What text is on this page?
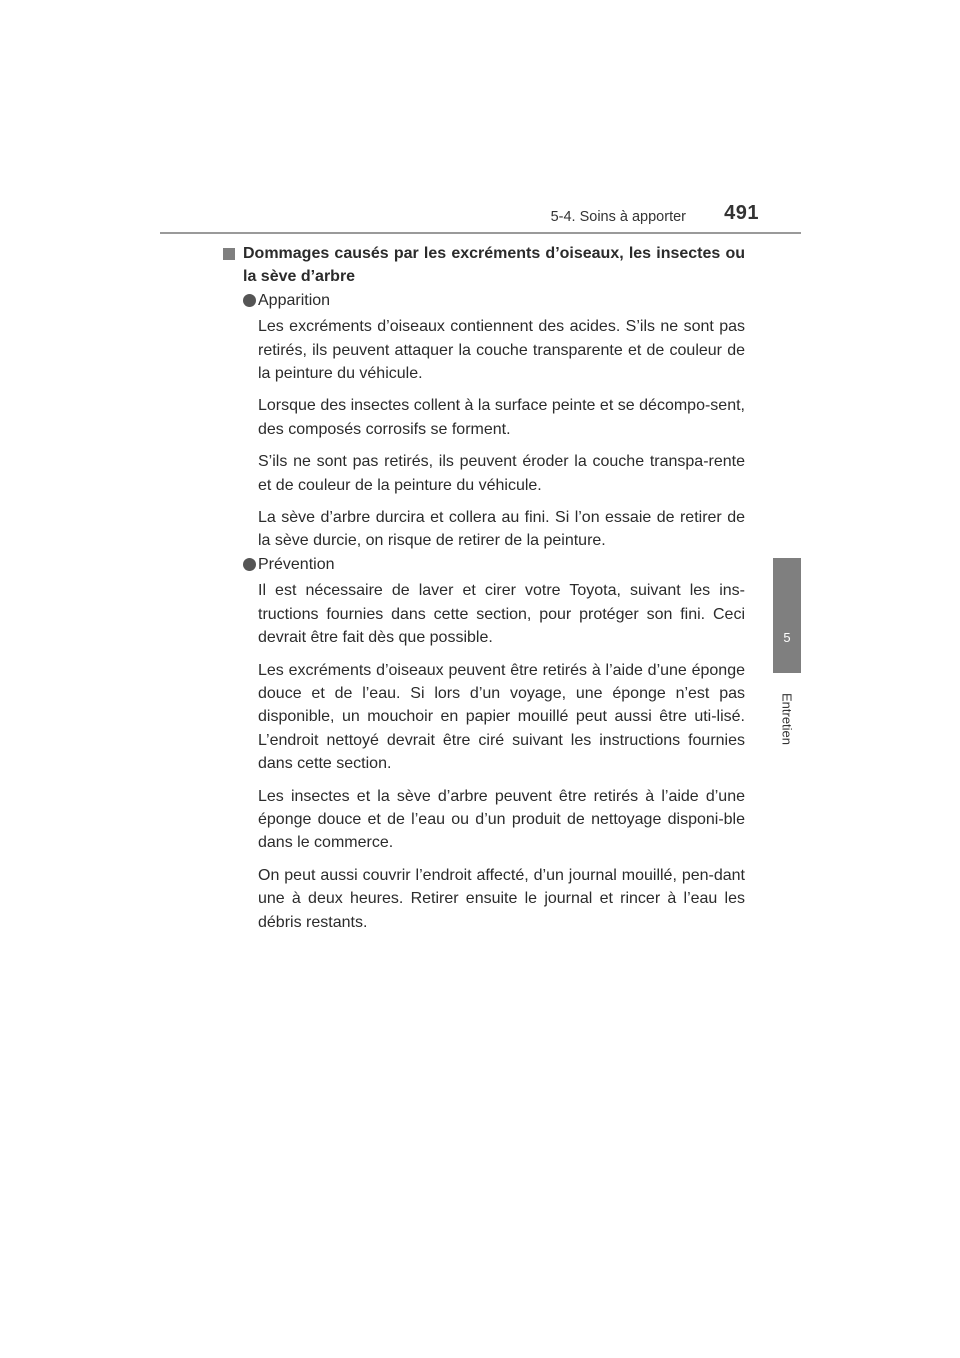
5-4. Soins à apporter 491
5
Entretien

Dommages causés par les excréments d’oiseaux, les insectes ou la sève d’arbre

Apparition

Les excréments d’oiseaux contiennent des acides. S’ils ne sont pas retirés, ils peuvent attaquer la couche transparente et de couleur de la peinture du véhicule.

Lorsque des insectes collent à la surface peinte et se décompo-sent, des composés corrosifs se forment.

S’ils ne sont pas retirés, ils peuvent éroder la couche transpa-rente et de couleur de la peinture du véhicule.

La sève d’arbre durcira et collera au fini. Si l’on essaie de retirer de la sève durcie, on risque de retirer de la peinture.

Prévention

Il est nécessaire de laver et cirer votre Toyota, suivant les ins-tructions fournies dans cette section, pour protéger son fini. Ceci devrait être fait dès que possible.

Les excréments d’oiseaux peuvent être retirés à l’aide d’une éponge douce et de l’eau. Si lors d’un voyage, une éponge n’est pas disponible, un mouchoir en papier mouillé peut aussi être uti-lisé. L’endroit nettoyé devrait être ciré suivant les instructions fournies dans cette section.

Les insectes et la sève d’arbre peuvent être retirés à l’aide d’une éponge douce et de l’eau ou d’un produit de nettoyage disponi-ble dans le commerce.

On peut aussi couvrir l’endroit affecté, d’un journal mouillé, pen-dant une à deux heures. Retirer ensuite le journal et rincer à l’eau les débris restants.
